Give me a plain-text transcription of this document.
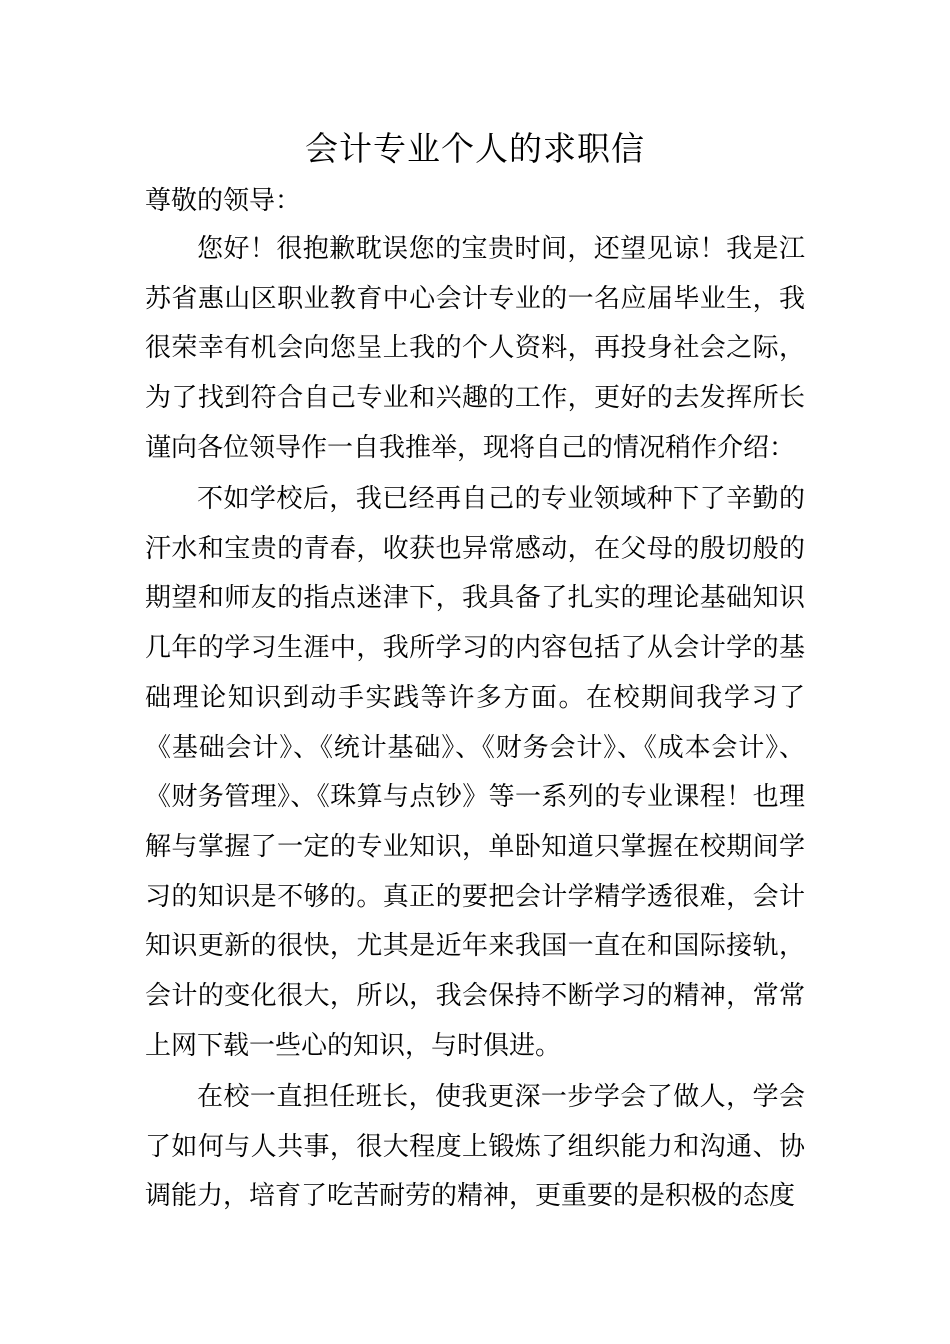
会计专业个人的求职信

尊敬的领导：

您好！很抱歉耽误您的宝贵时间，还望见谅！我是江苏省惠山区职业教育中心会计专业的一名应届毕业生，我很荣幸有机会向您呈上我的个人资料，再投身社会之际，为了找到符合自己专业和兴趣的工作，更好的去发挥所长谨向各位领导作一自我推举，现将自己的情况稍作介绍：

不如学校后，我已经再自己的专业领域种下了辛勤的汗水和宝贵的青春，收获也异常感动，在父母的殷切般的期望和师友的指点迷津下，我具备了扎实的理论基础知识几年的学习生涯中，我所学习的内容包括了从会计学的基础理论知识到动手实践等许多方面。在校期间我学习了《基础会计》、《统计基础》、《财务会计》、《成本会计》、《财务管理》、《珠算与点钞》等一系列的专业课程！也理解与掌握了一定的专业知识，单卧知道只掌握在校期间学习的知识是不够的。真正的要把会计学精学透很难，会计知识更新的很快，尤其是近年来我国一直在和国际接轨，会计的变化很大，所以，我会保持不断学习的精神，常常上网下载一些心的知识，与时俱进。

在校一直担任班长，使我更深一步学会了做人，学会了如何与人共事，很大程度上锻炼了组织能力和沟通、协调能力，培育了吃苦耐劳的精神，更重要的是积极的态度
